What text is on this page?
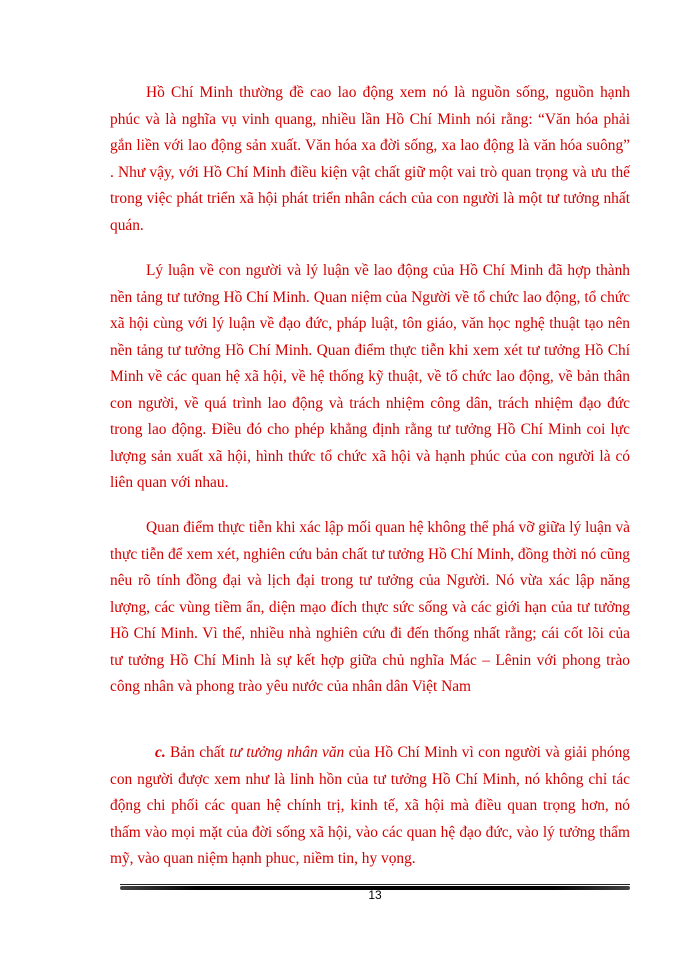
Hồ Chí Minh thường đề cao lao động xem nó là nguồn sống, nguồn hạnh phúc và là nghĩa vụ vinh quang, nhiều lần Hồ Chí Minh nói rằng: “Văn hóa phải gắn liền với lao động sản xuất. Văn hóa xa đời sống, xa lao động là văn hóa suông” . Như vậy, với Hồ Chí Minh điều kiện vật chất giữ một vai trò quan trọng và ưu thế trong việc phát triển xã hội phát triển nhân cách của con người là một tư tưởng nhất quán.

Lý luận về con người và lý luận về lao động của Hồ Chí Minh đã hợp thành nền tảng tư tưởng Hồ Chí Minh. Quan niệm của Người về tổ chức lao động, tổ chức xã hội cùng với lý luận về đạo đức, pháp luật, tôn giáo, văn học nghệ thuật tạo nên nền tảng tư tưởng Hồ Chí Minh. Quan điểm thực tiễn khi xem xét tư tưởng Hồ Chí Minh về các quan hệ xã hội, về hệ thống kỹ thuật, về tổ chức lao động, về bản thân con người, về quá trình lao động và trách nhiệm công dân, trách nhiệm đạo đức trong lao động. Điều đó cho phép khẳng định rằng tư tưởng Hồ Chí Minh coi lực lượng sản xuất xã hội, hình thức tổ chức xã hội và hạnh phúc của con người là có liên quan với nhau.

Quan điểm thực tiễn khi xác lập mối quan hệ không thể phá vỡ giữa lý luận và thực tiễn để xem xét, nghiên cứu bản chất tư tưởng Hồ Chí Minh, đồng thời nó cũng nêu rõ tính đồng đại và lịch đại trong tư tưởng của Người. Nó vừa xác lập năng lượng, các vùng tiềm ẩn, diện mạo đích thực sức sống và các giới hạn của tư tưởng Hồ Chí Minh. Vì thế, nhiều nhà nghiên cứu đi đến thống nhất rằng; cái cốt lõi của tư tưởng Hồ Chí Minh là sự kết hợp giữa chủ nghĩa Mác – Lênin với phong trào công nhân và phong trào yêu nước của nhân dân Việt Nam

c. Bản chất tư tưởng nhân văn của Hồ Chí Minh vì con người và giải phóng con người được xem như là linh hồn của tư tưởng Hồ Chí Minh, nó không chỉ tác động chi phối các quan hệ chính trị, kinh tế, xã hội mà điều quan trọng hơn, nó thấm vào mọi mặt của đời sống xã hội, vào các quan hệ đạo đức, vào lý tưởng thẩm mỹ, vào quan niệm hạnh phuc, niềm tin, hy vọng.

13
